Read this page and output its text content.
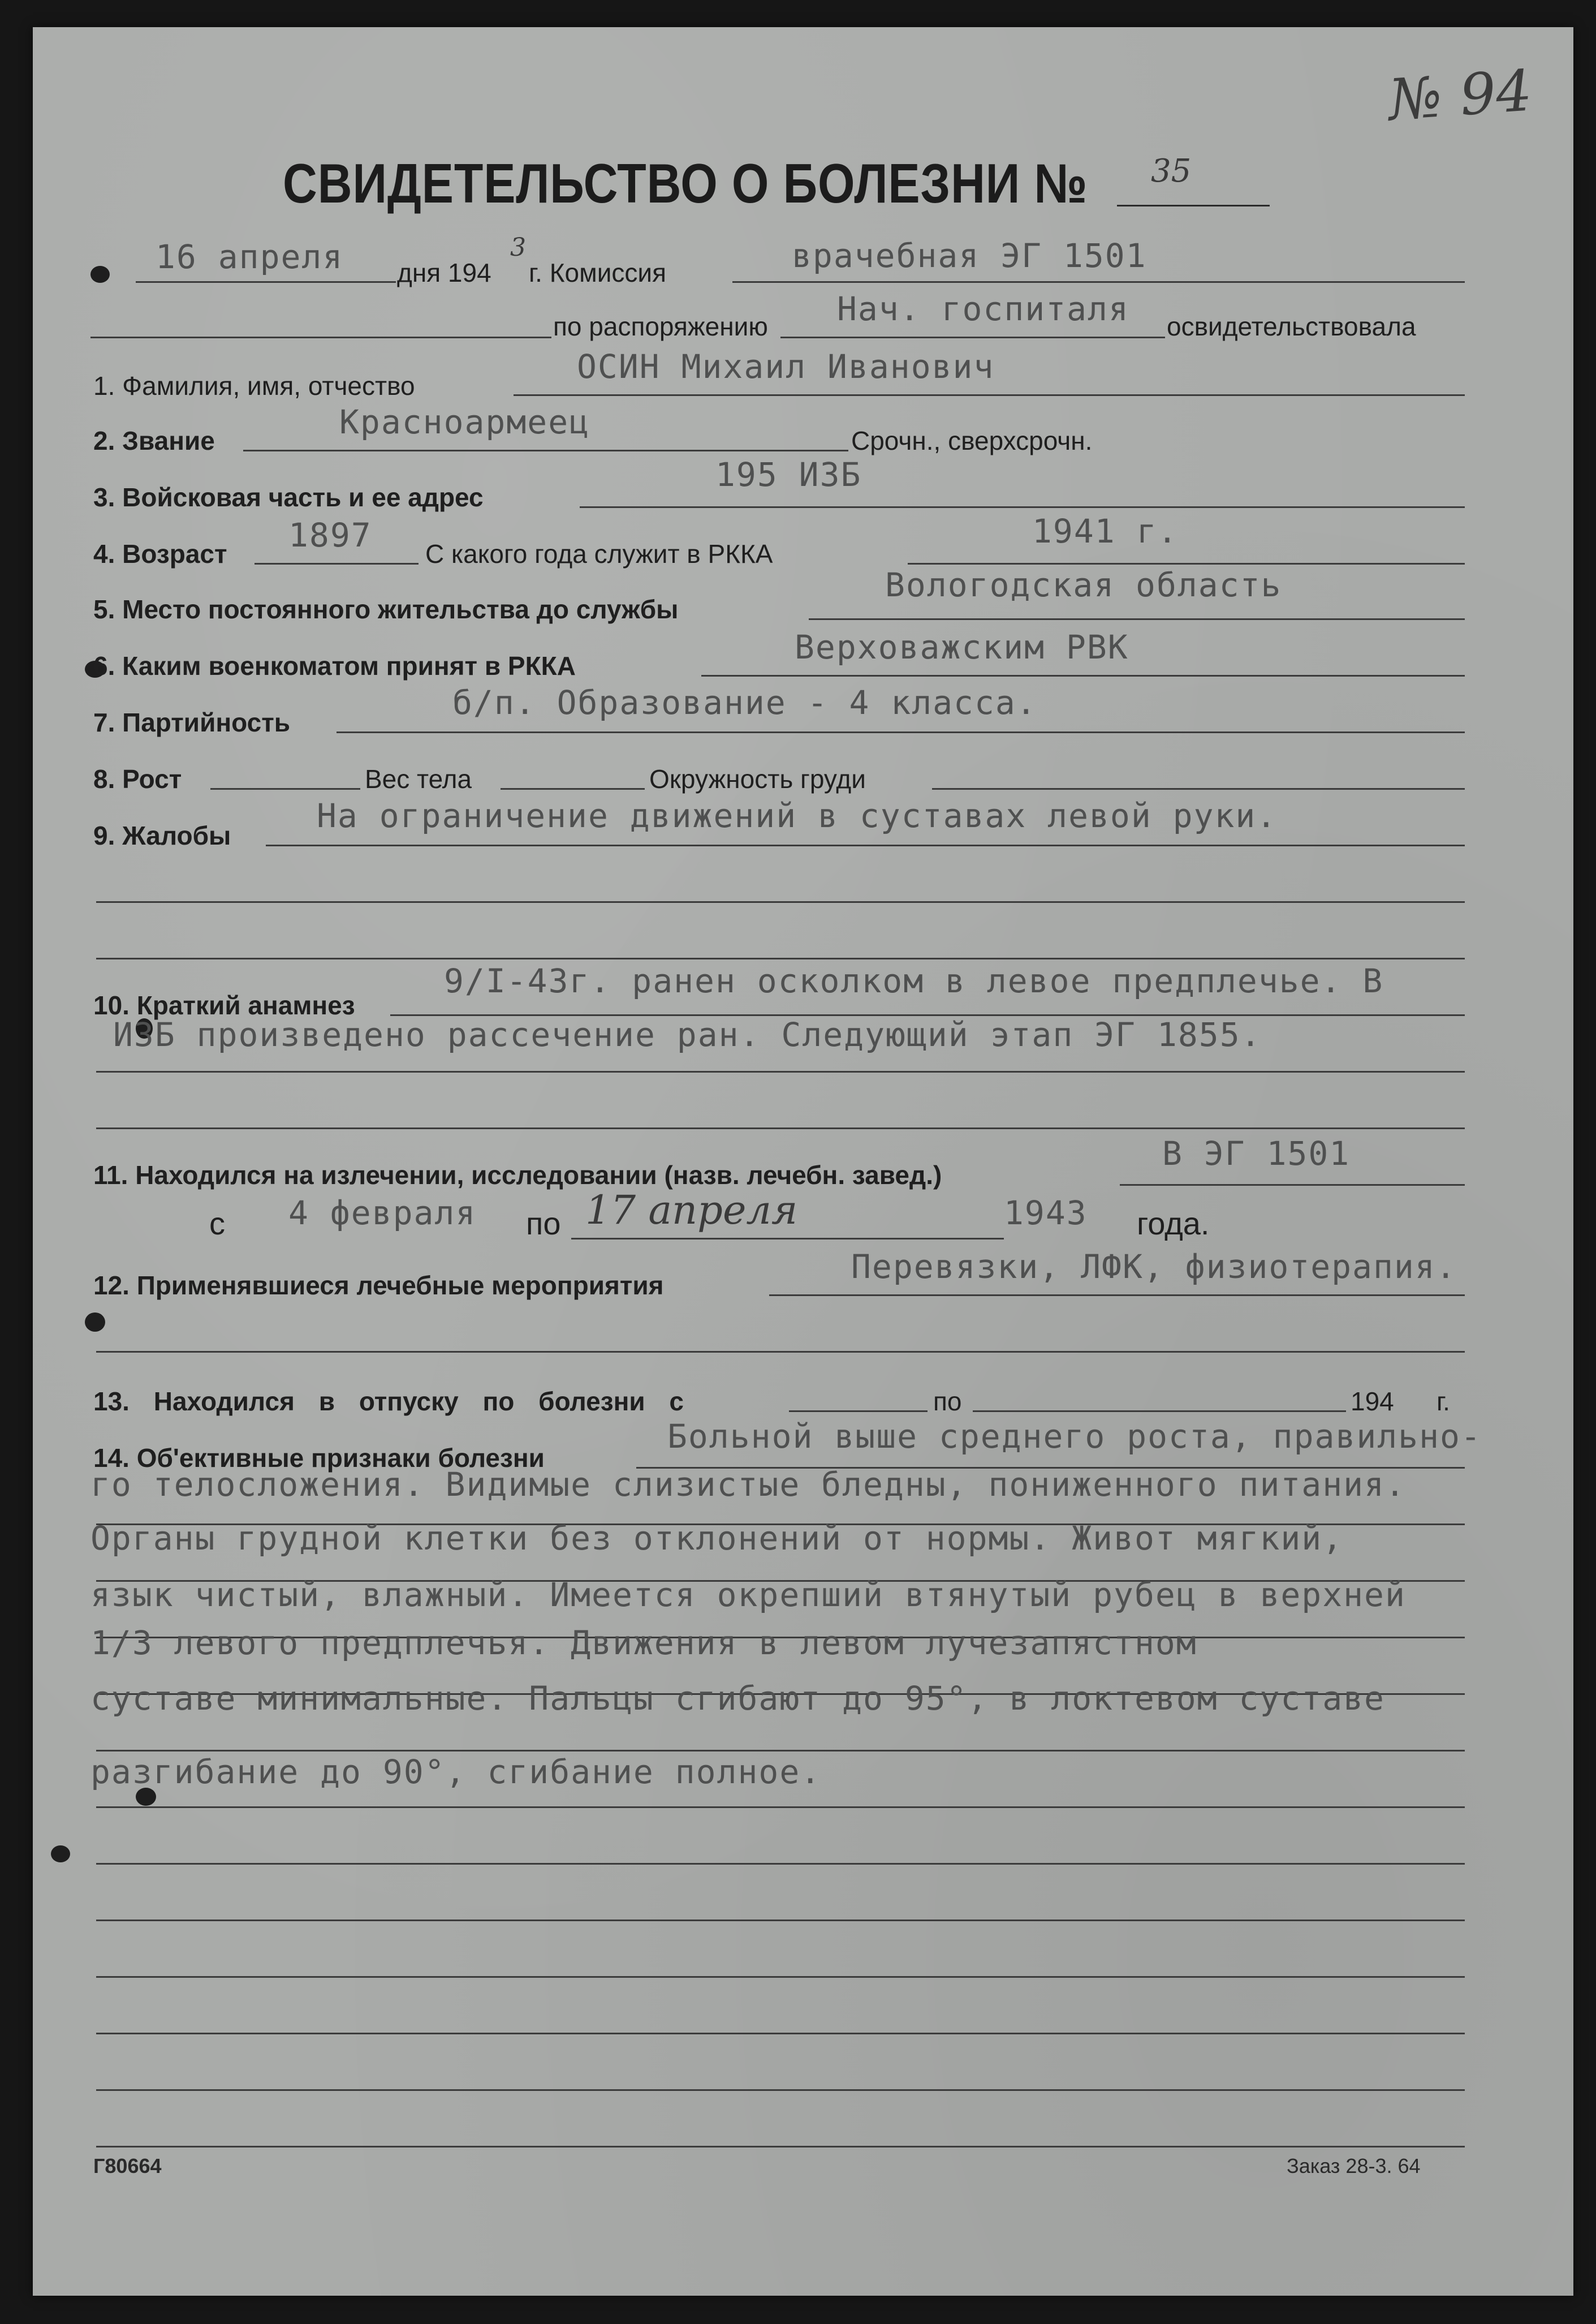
№ 94
СВИДЕТЕЛЬСТВО О БОЛЕЗНИ № 35
16 апреля дня 194
3
г. Комиссия	врачебная ЭГ 1501
по распоряжению Нач. госпиталя освидетельствовала
1. Фамилия, имя, отчество	ОСИН Михаил Иванович
2. Звание	Красноармеец	Срочн., сверхсрочн.
3. Войсковая часть и ее адрес
195 ИЗБ
4. Возраст 1897 С какого года служит в РККА
1941 г.
5. Место постоянного жительства до службы
Вологодская область
6. Каким военкоматом принят в РККА	Верховажским РВК
7. Партийность
б/п. Образование - 4 класса.
8. Рост	Вес тела	Окружность груди
9. Жалобы
На ограничение движений в суставах левой руки.
10. Краткий анамнез
9/I-43г. ранен осколком в левое предплечье. В
ИЗБ произведено рассечение ран. Следующий этап ЭГ 1855.
11. Находился на излечении, исследовании (назв. лечебн. завед.)
В ЭГ 1501
с 4 февраля по 17 апреля	1943 года.
12. Применявшиеся лечебные мероприятия	Перевязки, ЛФК, физиотерапия.
13. Находился в отпуску по болезни с	по	194 г.
14. Об'ективные признаки болезни
Больной выше среднего роста, правильно-
го телосложения. Видимые слизистые бледны, пониженного питания.
Органы грудной клетки без отклонений от нормы. Живот мягкий,
язык чистый, влажный. Имеется окрепший втянутый рубец в верхней
1/3 левого предплечья. Движения в левом лучезапястном
суставе минимальные. Пальцы сгибают до 95°, в локтевом суставе
разгибание до 90°, сгибание полное.
Г80664	Заказ 28-3. 64
